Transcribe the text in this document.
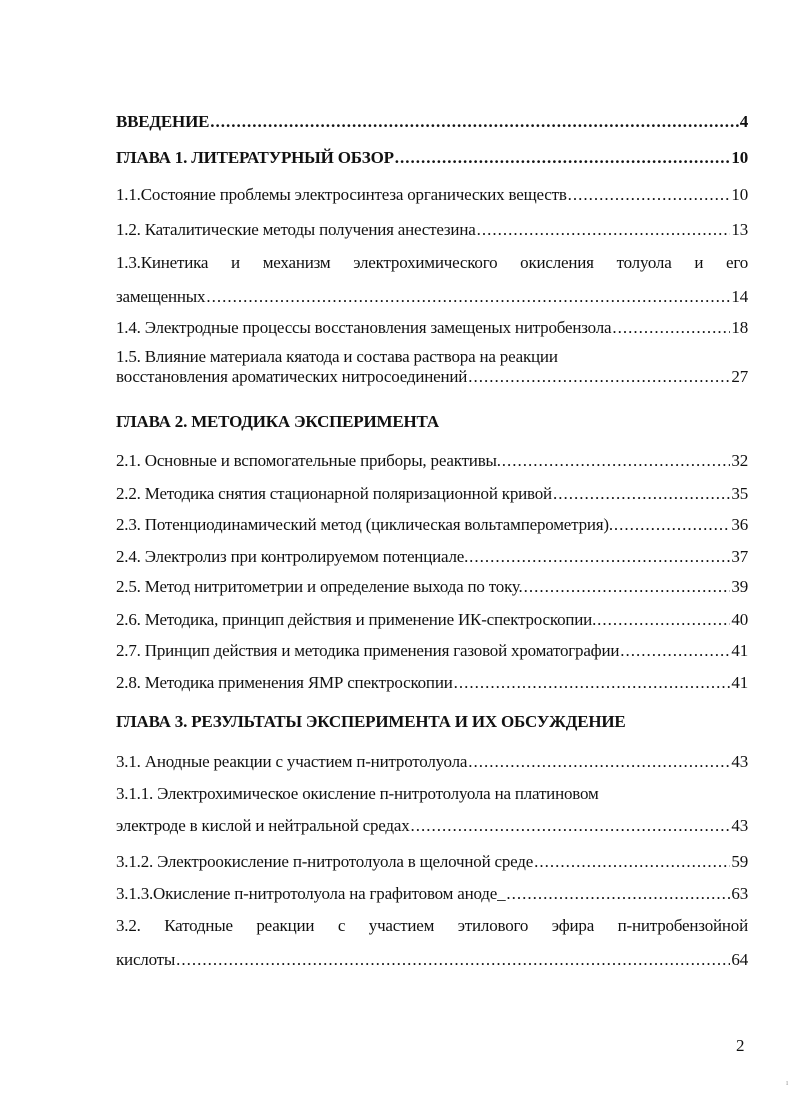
ВВЕДЕНИЕ .....	4
ГЛАВА 1. ЛИТЕРАТУРНЫЙ ОБЗОР .....	10
1.1.Состояние проблемы электросинтеза органических веществ .....	10
1.2. Каталитические методы получения анестезина .....	13
1.3.Кинетика и механизм электрохимического окисления толуола и его
замещенных .....	14
1.4. Электродные процессы восстановления замещеных нитробензола .....	18
1.5. Влияние материала кяатода и состава раствора на реакции
восстановления ароматических нитросоединений .....	27
ГЛАВА 2. МЕТОДИКА ЭКСПЕРИМЕНТА
2.1. Основные и вспомогательные приборы, реактивы. .....	32
2.2. Методика снятия стационарной поляризационной кривой .....	35
2.3. Потенциодинамический метод (циклическая вольтамперометрия). .....	36
2.4. Электролиз при контролируемом потенциале. .....	37
2.5. Метод нитритометрии и определение выхода по току. .....	39
2.6. Методика, принцип действия и применение ИК-спектроскопии. .....	40
2.7. Принцип действия и методика применения газовой хроматографии .....	41
2.8. Методика применения ЯМР спектроскопии .....	41
ГЛАВА 3. РЕЗУЛЬТАТЫ ЭКСПЕРИМЕНТА И ИХ ОБСУЖДЕНИЕ
3.1. Анодные реакции с участием п-нитротолуола .....	43
3.1.1. Электрохимическое окисление п-нитротолуола на платиновом
электроде в кислой и нейтральной средах .....	43
3.1.2. Электроокисление п-нитротолуола в щелочной среде .....	59
3.1.3.Окисление п-нитротолуола на графитовом аноде_ .....	63
3.2. Катодные реакции с участием этилового эфира п-нитробензойной
кислоты .....	64
2
ı
